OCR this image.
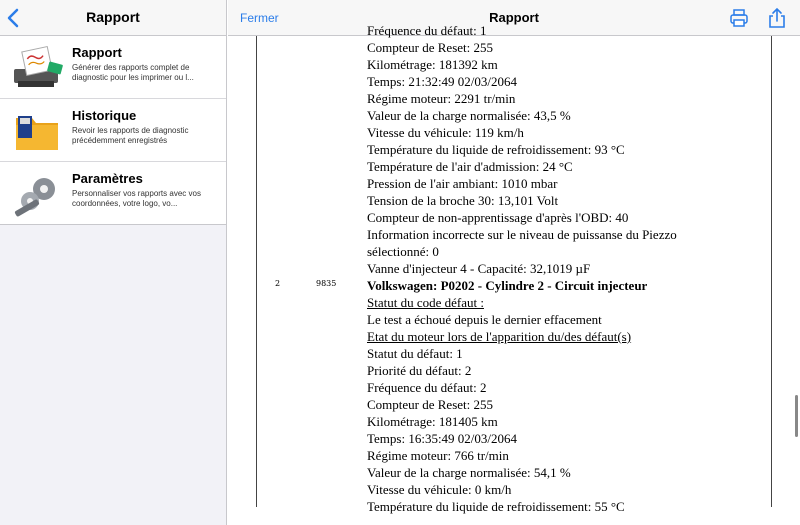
Rapport
Rapport
Générer des rapports complet de diagnostic pour les imprimer ou l...
Historique
Revoir les rapports de diagnostic précédemment enregistrés
Paramètres
Personnaliser vos rapports avec vos coordonnées, votre logo, vo...
Fermer	Rapport
2	9835
Fréquence du défaut: 1
Compteur de Reset: 255
Kilométrage: 181392 km
Temps: 21:32:49 02/03/2064
Régime moteur: 2291 tr/min
Valeur de la charge normalisée: 43,5 %
Vitesse du véhicule: 119 km/h
Température du liquide de refroidissement: 93 °C
Température de l'air d'admission: 24 °C
Pression de l'air ambiant: 1010 mbar
Tension de la broche 30: 13,101 Volt
Compteur de non-apprentissage d'après l'OBD: 40
Information incorrecte sur le niveau de puissanse du Piezzo
sélectionné: 0
Vanne d'injecteur 4 - Capacité: 32,1019 µF
Volkswagen: P0202 - Cylindre 2 - Circuit injecteur
Statut du code défaut :
Le test a échoué depuis le dernier effacement
Etat du moteur lors de l'apparition du/des défaut(s)
Statut du défaut: 1
Priorité du défaut: 2
Fréquence du défaut: 2
Compteur de Reset: 255
Kilométrage: 181405 km
Temps: 16:35:49 02/03/2064
Régime moteur: 766 tr/min
Valeur de la charge normalisée: 54,1 %
Vitesse du véhicule: 0 km/h
Température du liquide de refroidissement: 55 °C
